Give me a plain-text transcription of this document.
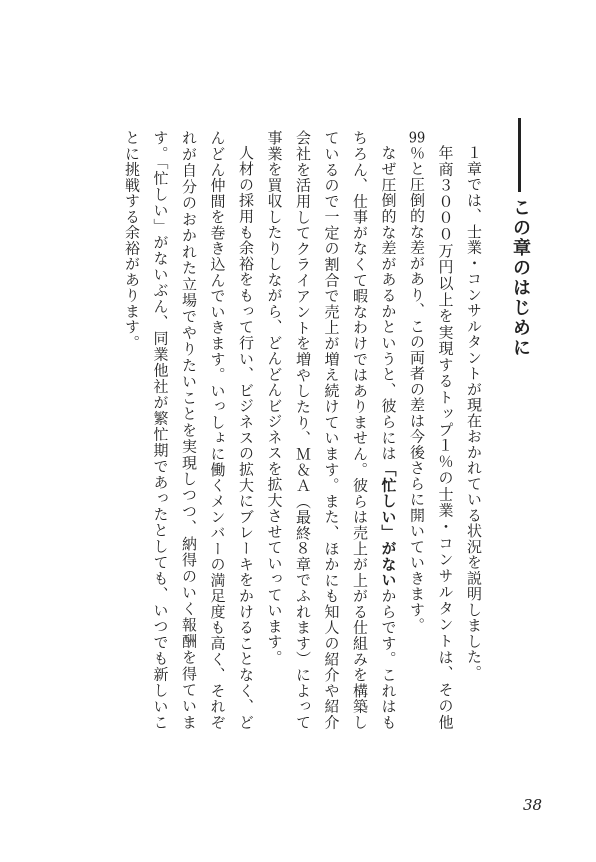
この章のはじめに

１章では、士業・コンサルタントが現在おかれている状況を説明しました。

年商３０００万円以上を実現するトップ１％の士業・コンサルタントは、その他99％と圧倒的な差があり、この両者の差は今後さらに開いていきます。

なぜ圧倒的な差があるかというと、彼らには「忙しい」がないからです。これはもちろん、仕事がなくて暇なわけではありません。彼らは売上が上がる仕組みを構築しているので一定の割合で売上が増え続けています。また、ほかにも知人の紹介や紹介会社を活用してクライアントを増やしたり、Ｍ＆Ａ（最終８章でふれます）によって事業を買収したりしながら、どんどんビジネスを拡大させていっています。

人材の採用も余裕をもって行い、ビジネスの拡大にブレーキをかけることなく、どんどん仲間を巻き込んでいきます。いっしょに働くメンバーの満足度も高く、それぞれが自分のおかれた立場でやりたいことを実現しつつ、納得のいく報酬を得ています。「忙しい」がないぶん、同業他社が繁忙期であったとしても、いつでも新しいことに挑戦する余裕があります。

38
